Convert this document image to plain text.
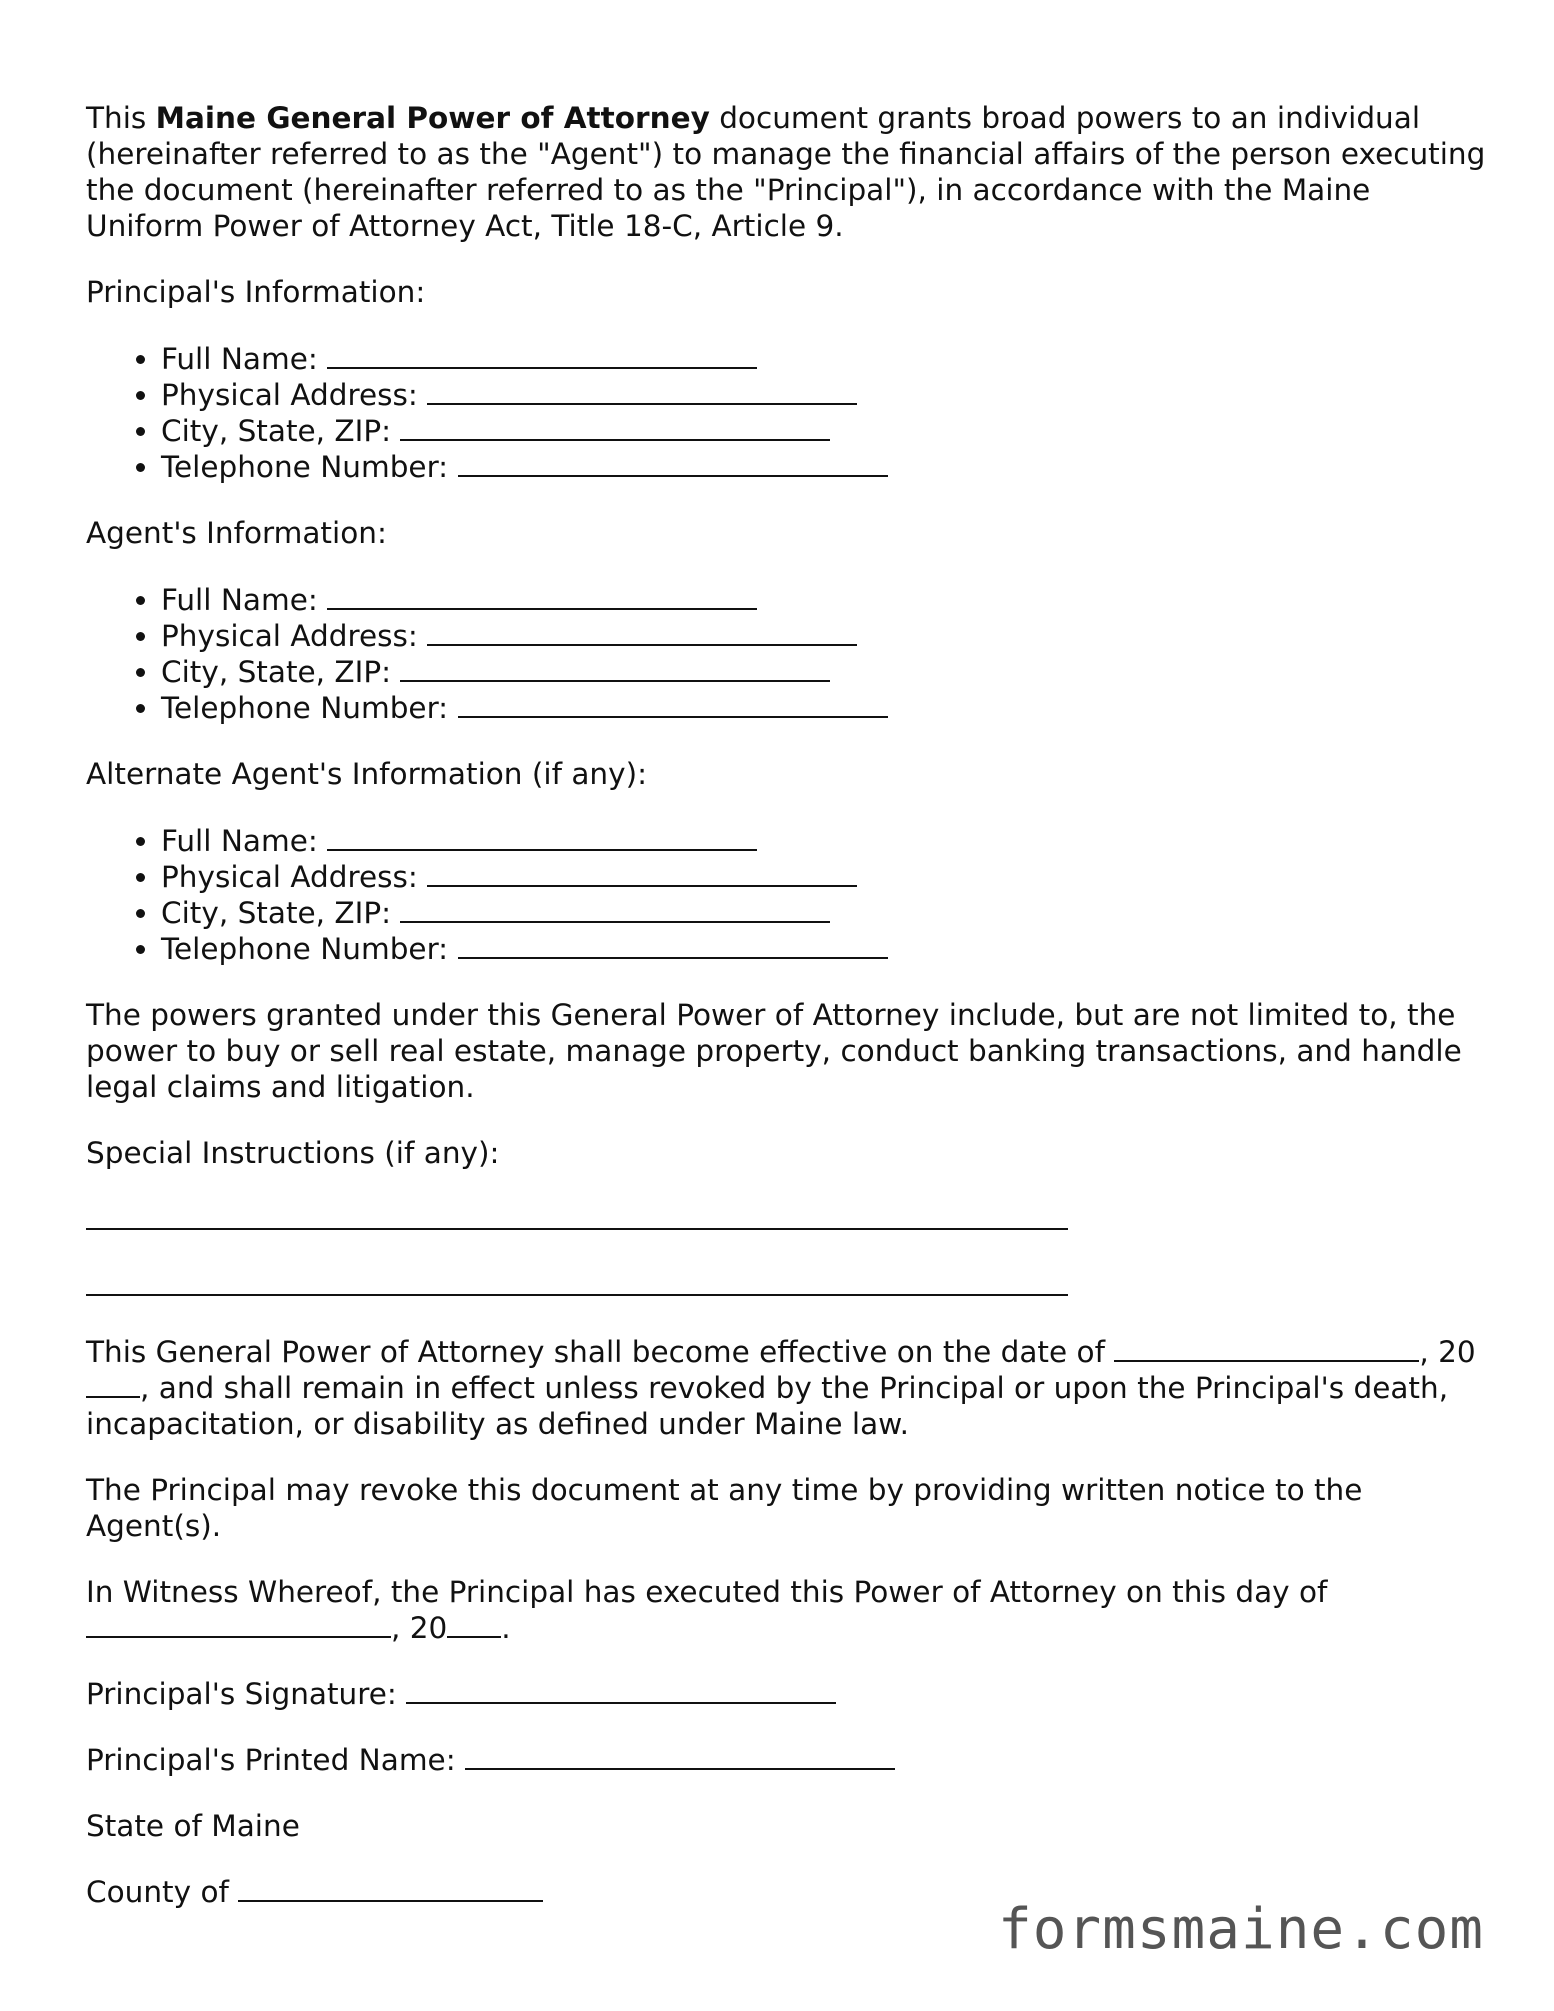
This Maine General Power of Attorney document grants broad powers to an individual (hereinafter referred to as the "Agent") to manage the financial affairs of the person executing the document (hereinafter referred to as the "Principal"), in accordance with the Maine Uniform Power of Attorney Act, Title 18-C, Article 9.

Principal's Information:

• Full Name:
• Physical Address:
• City, State, ZIP:
• Telephone Number:

Agent's Information:

• Full Name:
• Physical Address:
• City, State, ZIP:
• Telephone Number:

Alternate Agent's Information (if any):

• Full Name:
• Physical Address:
• City, State, ZIP:
• Telephone Number:

The powers granted under this General Power of Attorney include, but are not limited to, the power to buy or sell real estate, manage property, conduct banking transactions, and handle legal claims and litigation.

Special Instructions (if any):

This General Power of Attorney shall become effective on the date of	, 20, and shall remain in effect unless revoked by the Principal or upon the Principal's death, incapacitation, or disability as defined under Maine law.

The Principal may revoke this document at any time by providing written notice to the Agent(s).

In Witness Whereof, the Principal has executed this Power of Attorney on this day of
, 20 .

Principal's Signature:

Principal's Printed Name:

State of Maine

County of

formsmaine.com
